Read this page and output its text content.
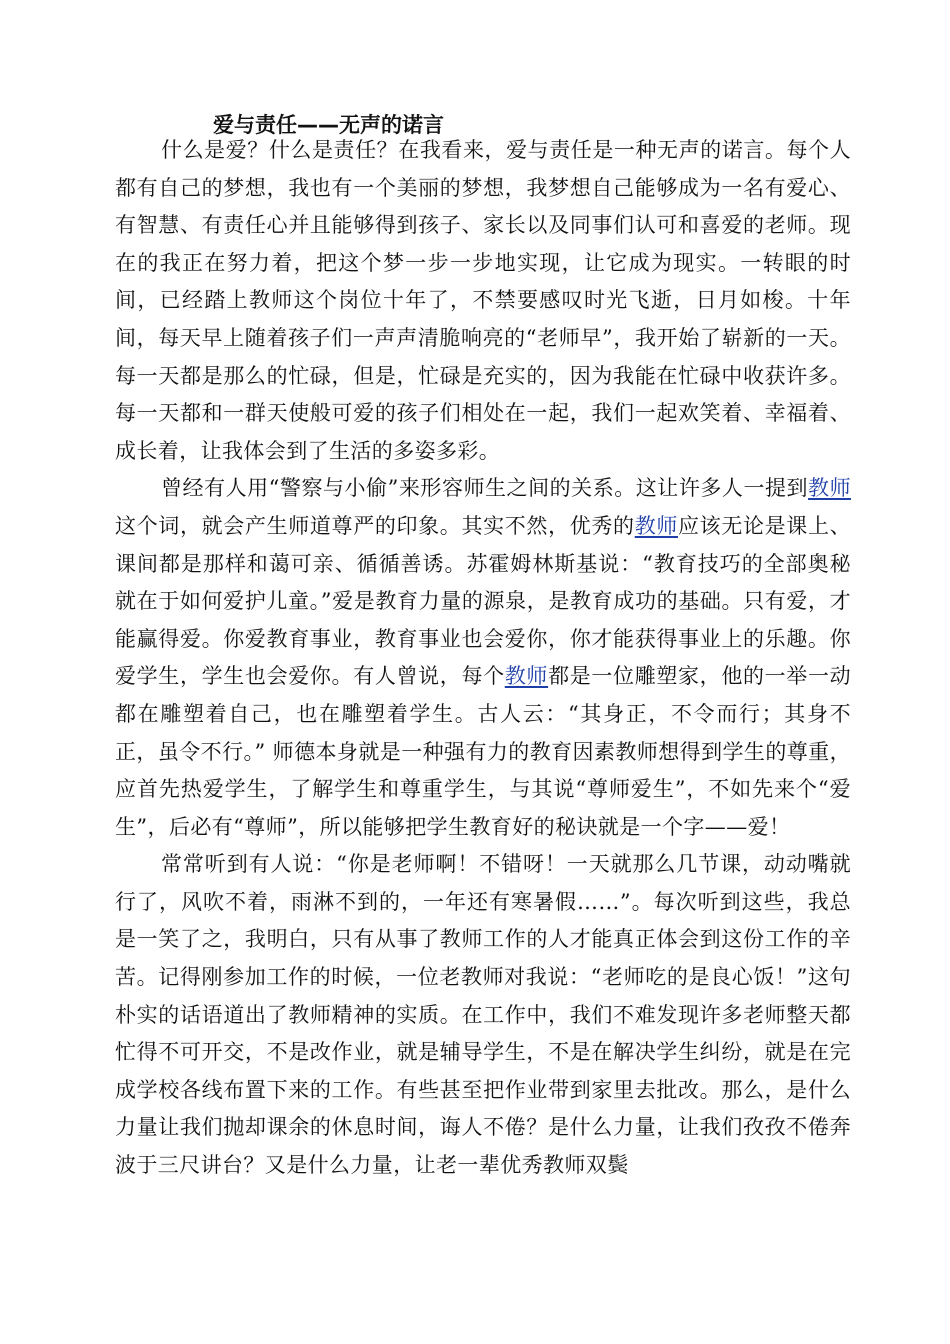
爱与责任——无声的诺言

什么是爱？什么是责任？在我看来，爱与责任是一种无声的诺言。每个人都有自己的梦想，我也有一个美丽的梦想，我梦想自己能够成为一名有爱心、有智慧、有责任心并且能够得到孩子、家长以及同事们认可和喜爱的老师。现在的我正在努力着，把这个梦一步一步地实现，让它成为现实。一转眼的时间，已经踏上教师这个岗位十年了，不禁要感叹时光飞逝，日月如梭。十年间，每天早上随着孩子们一声声清脆响亮的“老师早”，我开始了崭新的一天。每一天都是那么的忙碌，但是，忙碌是充实的，因为我能在忙碌中收获许多。每一天都和一群天使般可爱的孩子们相处在一起，我们一起欢笑着、幸福着、成长着，让我体会到了生活的多姿多彩。

曾经有人用“警察与小偷”来形容师生之间的关系。这让许多人一提到教师这个词，就会产生师道尊严的印象。其实不然，优秀的教师应该无论是课上、课间都是那样和蔼可亲、循循善诱。苏霍姆林斯基说：“教育技巧的全部奥秘就在于如何爱护儿童。”爱是教育力量的源泉，是教育成功的基础。只有爱，才能赢得爱。你爱教育事业，教育事业也会爱你，你才能获得事业上的乐趣。你爱学生，学生也会爱你。有人曾说，每个教师都是一位雕塑家，他的一举一动都在雕塑着自己，也在雕塑着学生。古人云：“其身正，不令而行；其身不正，虽令不行。” 师德本身就是一种强有力的教育因素教师想得到学生的尊重，应首先热爱学生，了解学生和尊重学生，与其说“尊师爱生”，不如先来个“爱生”，后必有“尊师”，所以能够把学生教育好的秘诀就是一个字——爱！

常常听到有人说：“你是老师啊！不错呀！一天就那么几节课，动动嘴就行了，风吹不着，雨淋不到的，一年还有寒暑假……”。每次听到这些，我总是一笑了之，我明白，只有从事了教师工作的人才能真正体会到这份工作的辛苦。记得刚参加工作的时候，一位老教师对我说：“老师吃的是良心饭！”这句朴实的话语道出了教师精神的实质。在工作中，我们不难发现许多老师整天都忙得不可开交，不是改作业，就是辅导学生，不是在解决学生纠纷，就是在完成学校各线布置下来的工作。有些甚至把作业带到家里去批改。那么，是什么力量让我们抛却课余的休息时间，诲人不倦？是什么力量，让我们孜孜不倦奔波于三尺讲台？又是什么力量，让老一辈优秀教师双鬓
